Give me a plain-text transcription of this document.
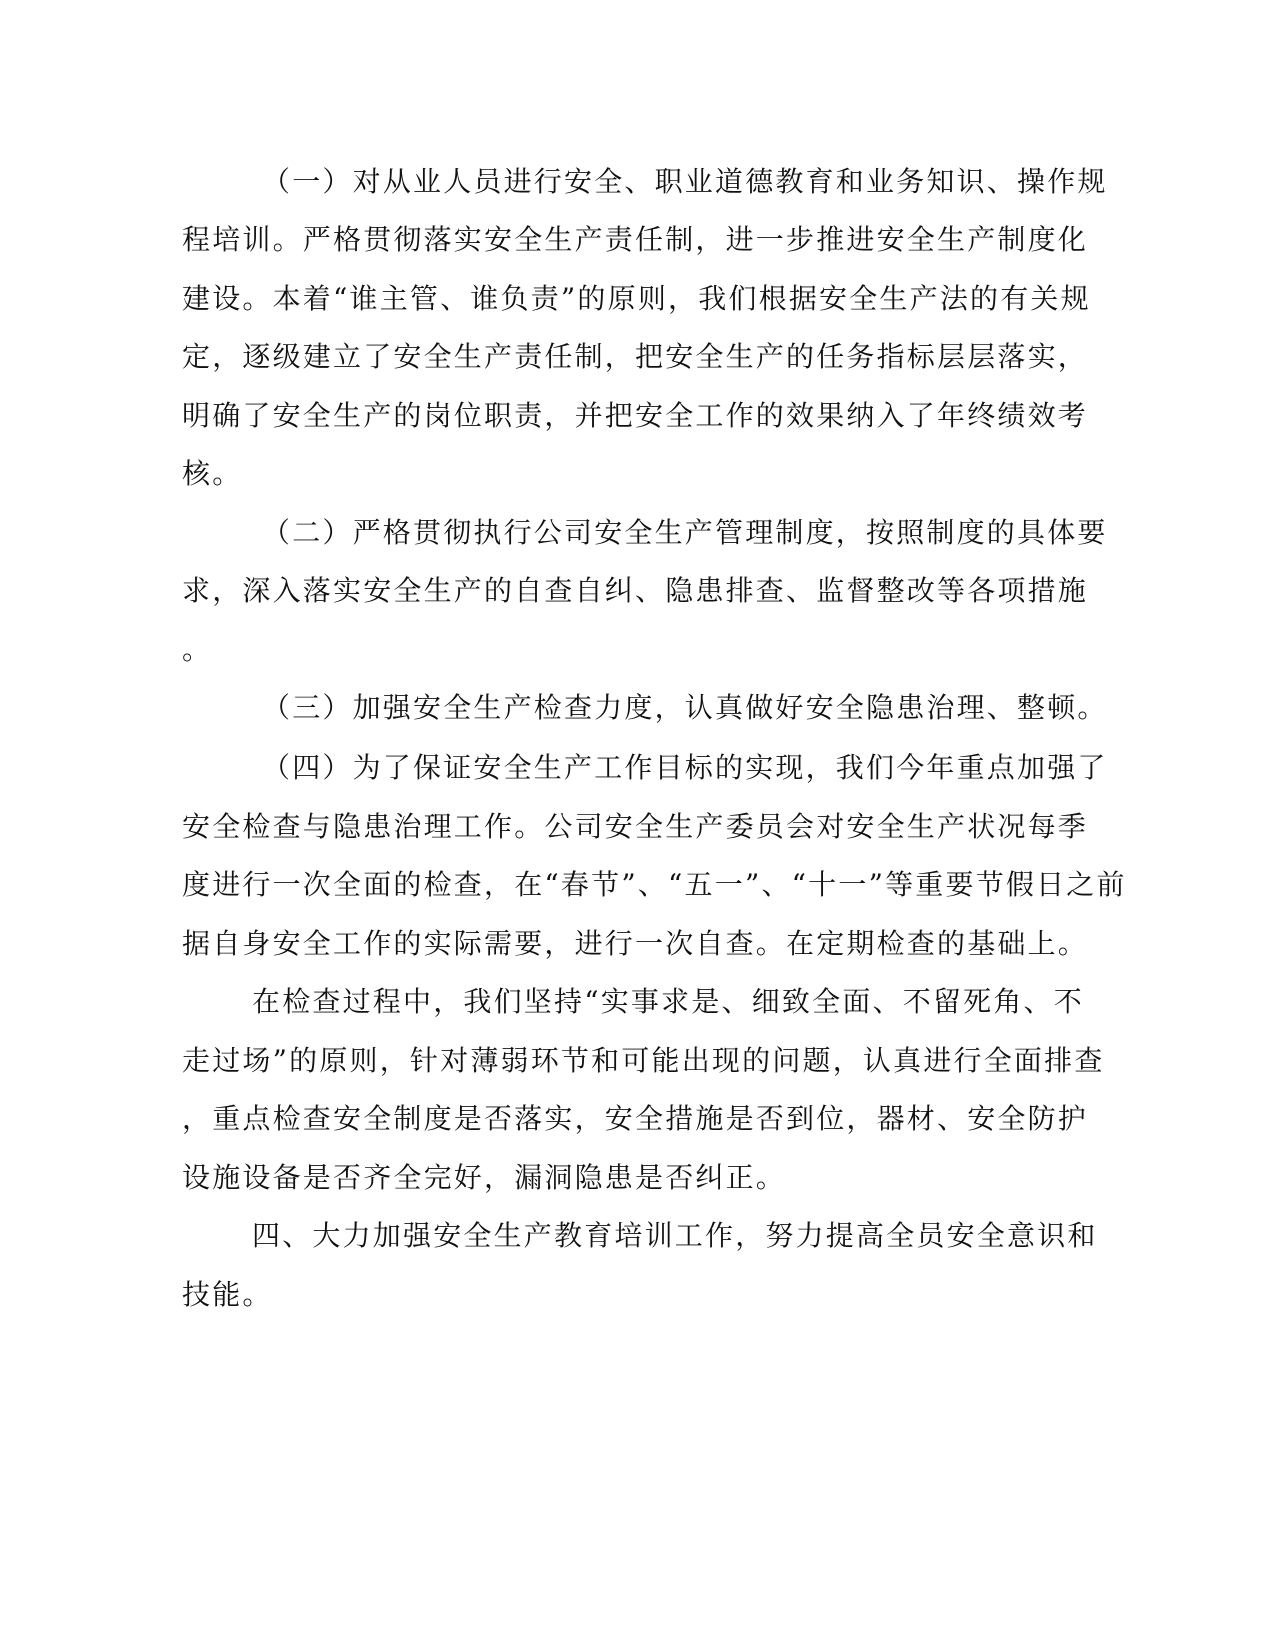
（一）对从业人员进行安全、职业道德教育和业务知识、操作规

程培训。严格贯彻落实安全生产责任制，进一步推进安全生产制度化

建设。本着“谁主管、谁负责”的原则，我们根据安全生产法的有关规

定，逐级建立了安全生产责任制，把安全生产的任务指标层层落实，

明确了安全生产的岗位职责，并把安全工作的效果纳入了年终绩效考

核。

（二）严格贯彻执行公司安全生产管理制度，按照制度的具体要

求，深入落实安全生产的自查自纠、隐患排查、监督整改等各项措施

。

（三）加强安全生产检查力度，认真做好安全隐患治理、整顿。

（四）为了保证安全生产工作目标的实现，我们今年重点加强了

安全检查与隐患治理工作。公司安全生产委员会对安全生产状况每季

度进行一次全面的检查，在“春节”、“五一”、“十一”等重要节假日之前

据自身安全工作的实际需要，进行一次自查。在定期检查的基础上。

在检查过程中，我们坚持“实事求是、细致全面、不留死角、不

走过场”的原则，针对薄弱环节和可能出现的问题，认真进行全面排查

，重点检查安全制度是否落实，安全措施是否到位，器材、安全防护

设施设备是否齐全完好，漏洞隐患是否纠正。

四、大力加强安全生产教育培训工作，努力提高全员安全意识和

技能。
